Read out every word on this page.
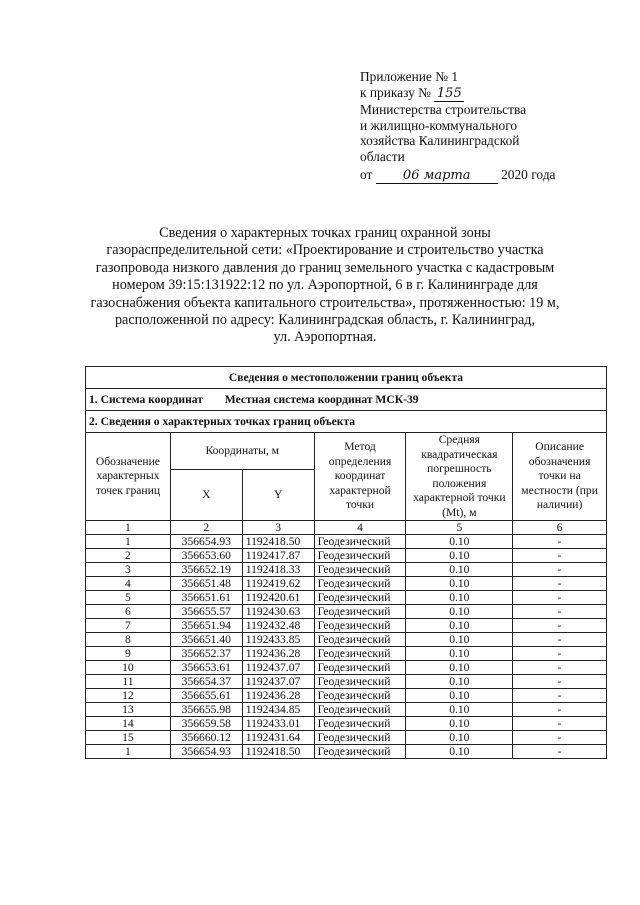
Приложение № 1
к приказу № 155
Министерства строительства
и жилищно-коммунального
хозяйства Калининградской
области
от 06 марта 2020 года
Сведения о характерных точках границ охранной зоны
газораспределительной сети: «Проектирование и строительство участка
газопровода низкого давления до границ земельного участка с кадастровым
номером 39:15:131922:12 по ул. Аэропортной, 6 в г. Калининграде для
газоснабжения объекта капитального строительства», протяженностью: 19 м,
расположенной по адресу: Калининградская область, г. Калининград,
ул. Аэропортная.
Сведения о местоположении границ объекта					
1. Система координат Местная система координат МСК-39					
2. Сведения о характерных точках границ объекта					
Обозначение характерных точек границ	Координаты, м		Метод определения координат характерной точки	Средняя квадратическая погрешность положения характерной точки (Mt), м	Описание обозначения точки на местности (при наличии)
	X	Y			
1	2	3	4	5	6
1	356654.93	1192418.50	Геодезический	0.10	-
2	356653.60	1192417.87	Геодезический	0.10	-
3	356652.19	1192418.33	Геодезический	0.10	-
4	356651.48	1192419.62	Геодезический	0.10	-
5	356651.61	1192420.61	Геодезический	0.10	-
6	356655.57	1192430.63	Геодезический	0.10	-
7	356651.94	1192432.48	Геодезический	0.10	-
8	356651.40	1192433.85	Геодезический	0.10	-
9	356652.37	1192436.28	Геодезический	0.10	-
10	356653.61	1192437.07	Геодезический	0.10	-
11	356654.37	1192437.07	Геодезический	0.10	-
12	356655.61	1192436.28	Геодезический	0.10	-
13	356655.98	1192434.85	Геодезический	0.10	-
14	356659.58	1192433.01	Геодезический	0.10	-
15	356660.12	1192431.64	Геодезический	0.10	-
1	356654.93	1192418.50	Геодезический	0.10	-
